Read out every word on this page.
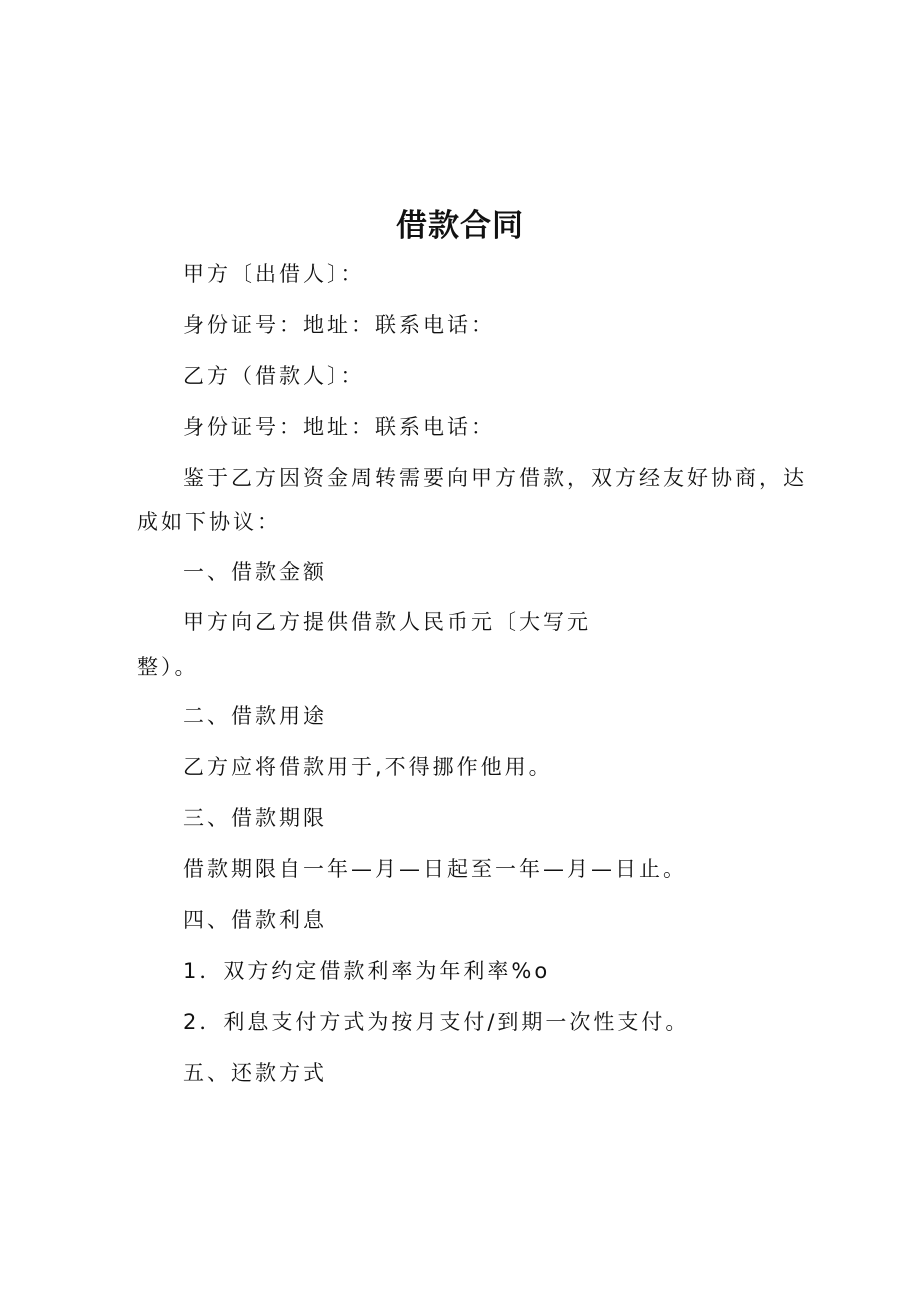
借款合同
甲方〔出借人〕：
身份证号：地址：联系电话：
乙方（借款人〕：
身份证号：地址：联系电话：
鉴于乙方因资金周转需要向甲方借款，双方经友好协商，达
成如下协议：
一、借款金额
甲方向乙方提供借款人民币元〔大写元
整）。
二、借款用途
乙方应将借款用于,不得挪作他用。
三、借款期限
借款期限自一年—月—日起至一年—月—日止。
四、借款利息
1．双方约定借款利率为年利率%o
2．利息支付方式为按月支付/到期一次性支付。
五、还款方式
